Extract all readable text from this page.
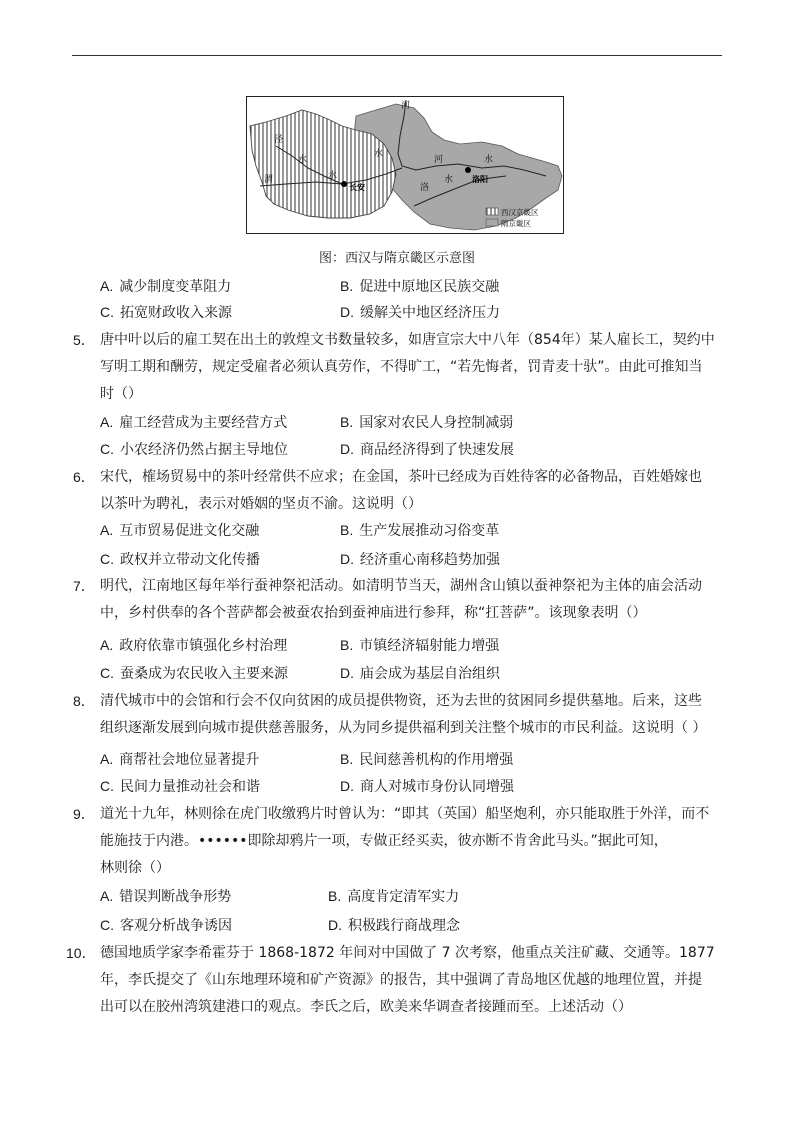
河
水
河	水
洛
水
渭	水
泾
水
长安
洛阳
西汉京畿区
隋京畿区
图：西汉与隋京畿区示意图
A. 减少制度变革阻力	B. 促进中原地区民族交融
C. 拓宽财政收入来源	D. 缓解关中地区经济压力
5． 唐中叶以后的雇工契在出土的敦煌文书数量较多，如唐宣宗大中八年（854年）某人雇长工，契约中
写明工期和酬劳，规定受雇者必须认真劳作，不得旷工，“若先悔者，罚青麦十驮”。由此可推知当
时（）
A. 雇工经营成为主要经营方式	B. 国家对农民人身控制减弱
C. 小农经济仍然占据主导地位	D. 商品经济得到了快速发展
6． 宋代，榷场贸易中的茶叶经常供不应求；在金国，茶叶已经成为百姓待客的必备物品，百姓婚嫁也
以茶叶为聘礼，表示对婚姻的坚贞不渝。这说明（）
A. 互市贸易促进文化交融	B. 生产发展推动习俗变革
C. 政权并立带动文化传播	D. 经济重心南移趋势加强
7． 明代，江南地区每年举行蚕神祭祀活动。如清明节当天，湖州含山镇以蚕神祭祀为主体的庙会活动
中，乡村供奉的各个菩萨都会被蚕农抬到蚕神庙进行参拜，称“扛菩萨”。该现象表明（）
A. 政府依靠市镇强化乡村治理	B. 市镇经济辐射能力增强
C. 蚕桑成为农民收入主要来源	D. 庙会成为基层自治组织
8． 清代城市中的会馆和行会不仅向贫困的成员提供物资，还为去世的贫困同乡提供墓地。后来，这些
组织逐渐发展到向城市提供慈善服务，从为同乡提供福利到关注整个城市的市民利益。这说明（ ）
A. 商帮社会地位显著提升	B. 民间慈善机构的作用增强
C. 民间力量推动社会和谐	D. 商人对城市身份认同增强
9． 道光十九年，林则徐在虎门收缴鸦片时曾认为：“即其（英国）船坚炮利，亦只能取胜于外洋，而不
能施技于内港。••••••即除却鸦片一项，专做正经买卖，彼亦断不肯舍此马头。”据此可知，
林则徐（）
A. 错误判断战争形势	B. 高度肯定清军实力
C. 客观分析战争诱因	D. 积极践行商战理念
10． 德国地质学家李希霍芬于 1868-1872 年间对中国做了 7 次考察，他重点关注矿藏、交通等。1877
年，李氏提交了《山东地理环境和矿产资源》的报告，其中强调了青岛地区优越的地理位置，并提
出可以在胶州湾筑建港口的观点。李氏之后，欧美来华调查者接踵而至。上述活动（）
